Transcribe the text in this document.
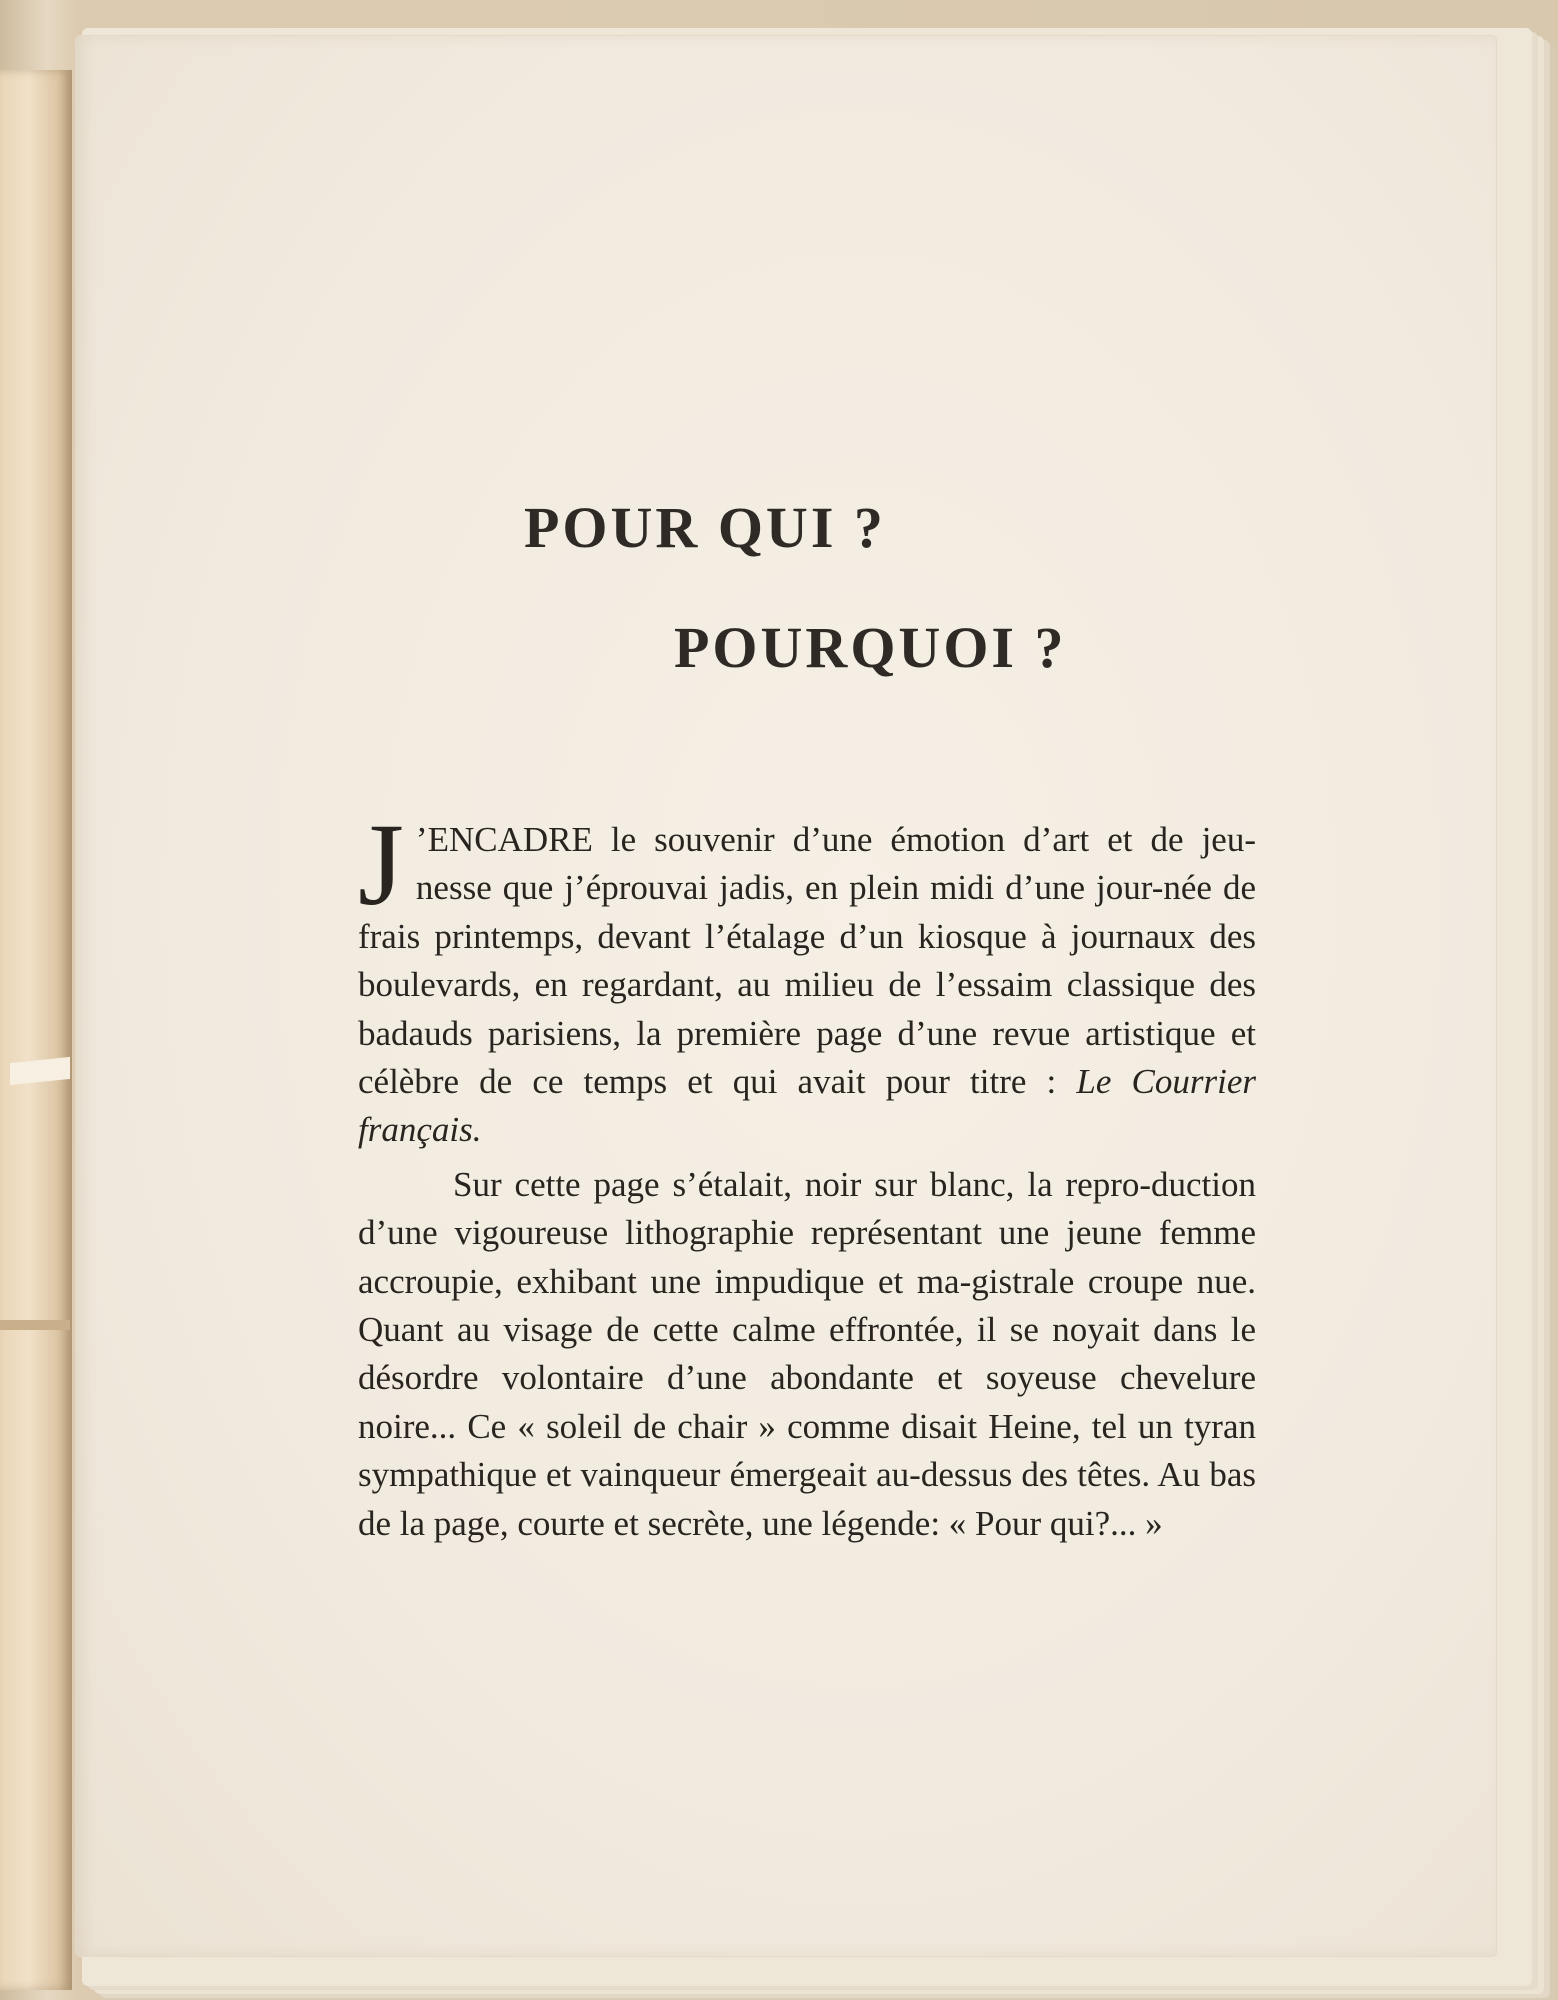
POUR QUI ?
POURQUOI ?

J ’ENCADRE le souvenir d’une émotion d’art et de jeu-nesse que j’éprouvai jadis, en plein midi d’une jour-née de frais printemps, devant l’étalage d’un kiosque à journaux des boulevards, en regardant, au milieu de l’essaim classique des badauds parisiens, la première page d’une revue artistique et célèbre de ce temps et qui avait pour titre : Le Courrier français.

Sur cette page s’étalait, noir sur blanc, la repro-duction d’une vigoureuse lithographie représentant une jeune femme accroupie, exhibant une impudique et ma-gistrale croupe nue. Quant au visage de cette calme effrontée, il se noyait dans le désordre volontaire d’une abondante et soyeuse chevelure noire... Ce « soleil de chair » comme disait Heine, tel un tyran sympathique et vainqueur émergeait au-dessus des têtes. Au bas de la page, courte et secrète, une légende: « Pour qui?... »
